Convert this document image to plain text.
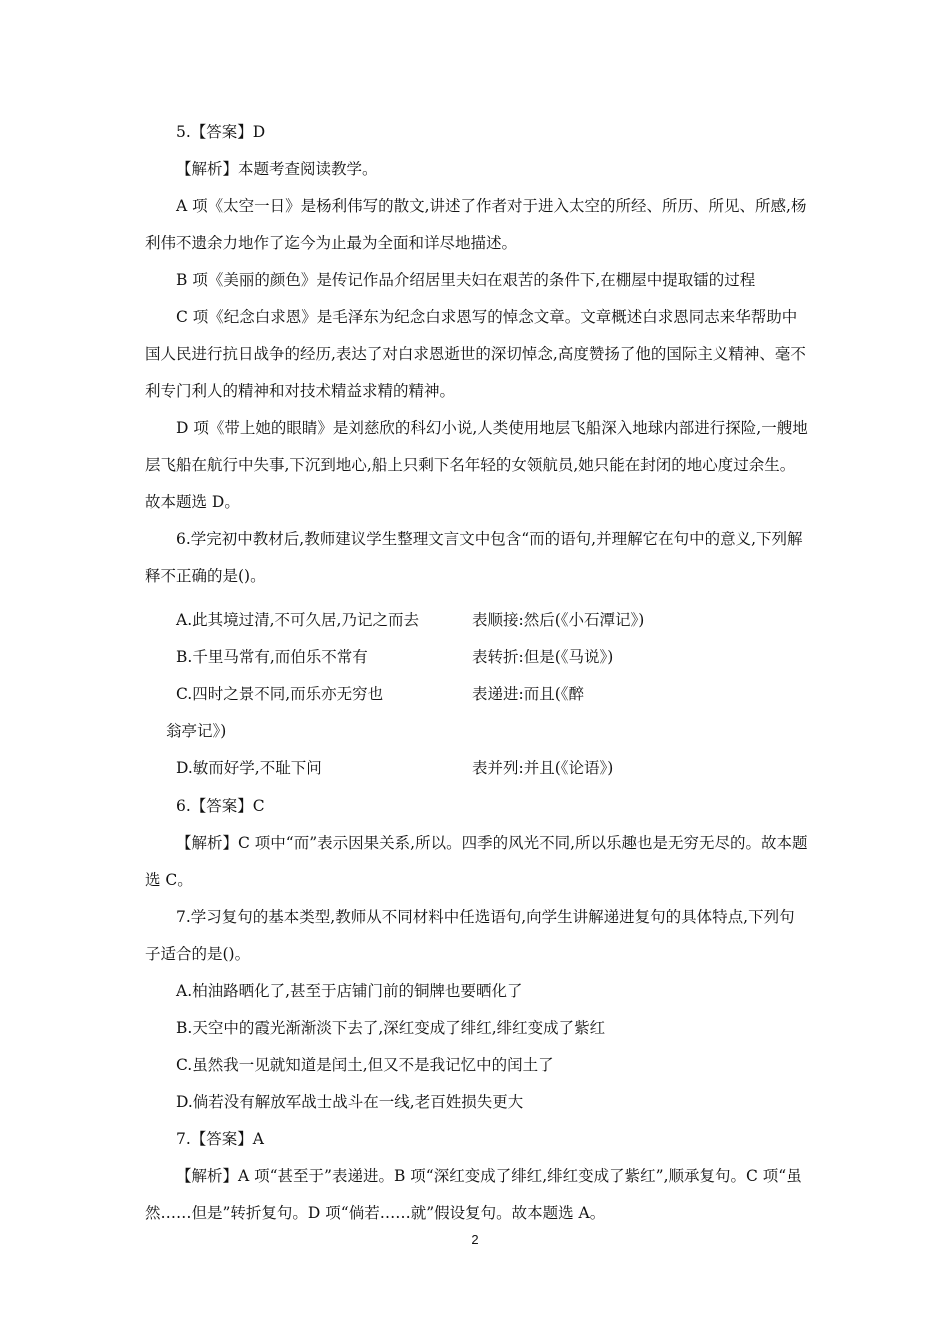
5.【答案】D

【解析】本题考查阅读教学。

A 项《太空一日》是杨利伟写的散文,讲述了作者对于进入太空的所经、所历、所见、所感,杨利伟不遗余力地作了迄今为止最为全面和详尽地描述。

B 项《美丽的颜色》是传记作品介绍居里夫妇在艰苦的条件下,在棚屋中提取镭的过程

C 项《纪念白求恩》是毛泽东为纪念白求恩写的悼念文章。文章概述白求恩同志来华帮助中国人民进行抗日战争的经历,表达了对白求恩逝世的深切悼念,高度赞扬了他的国际主义精神、毫不利专门利人的精神和对技术精益求精的精神。

D 项《带上她的眼睛》是刘慈欣的科幻小说,人类使用地层飞船深入地球内部进行探险,一艘地层飞船在航行中失事,下沉到地心,船上只剩下名年轻的女领航员,她只能在封闭的地心度过余生。故本题选 D。

6.学完初中教材后,教师建议学生整理文言文中包含“而的语句,并理解它在句中的意义,下列解释不正确的是()。

A.此其境过清,不可久居,乃记之而去	表顺接:然后(《小石潭记》)
B.千里马常有,而伯乐不常有	表转折:但是(《马说》)
C.四时之景不同,而乐亦无穷也	表递进:而且(《醉
翁亭记》)
D.敏而好学,不耻下问	表并列:并且(《论语》)

6.【答案】C

【解析】C 项中“而”表示因果关系,所以。四季的风光不同,所以乐趣也是无穷无尽的。故本题选 C。

7.学习复句的基本类型,教师从不同材料中任选语句,向学生讲解递进复句的具体特点,下列句子适合的是()。

A.柏油路晒化了,甚至于店铺门前的铜牌也要晒化了
B.天空中的霞光渐渐淡下去了,深红变成了绯红,绯红变成了紫红
C.虽然我一见就知道是闰土,但又不是我记忆中的闰土了
D.倘若没有解放军战士战斗在一线,老百姓损失更大

7.【答案】A

【解析】A 项“甚至于”表递进。B 项“深红变成了绯红,绯红变成了紫红”,顺承复句。C 项“虽然……但是”转折复句。D 项“倘若……就”假设复句。故本题选 A。

2
